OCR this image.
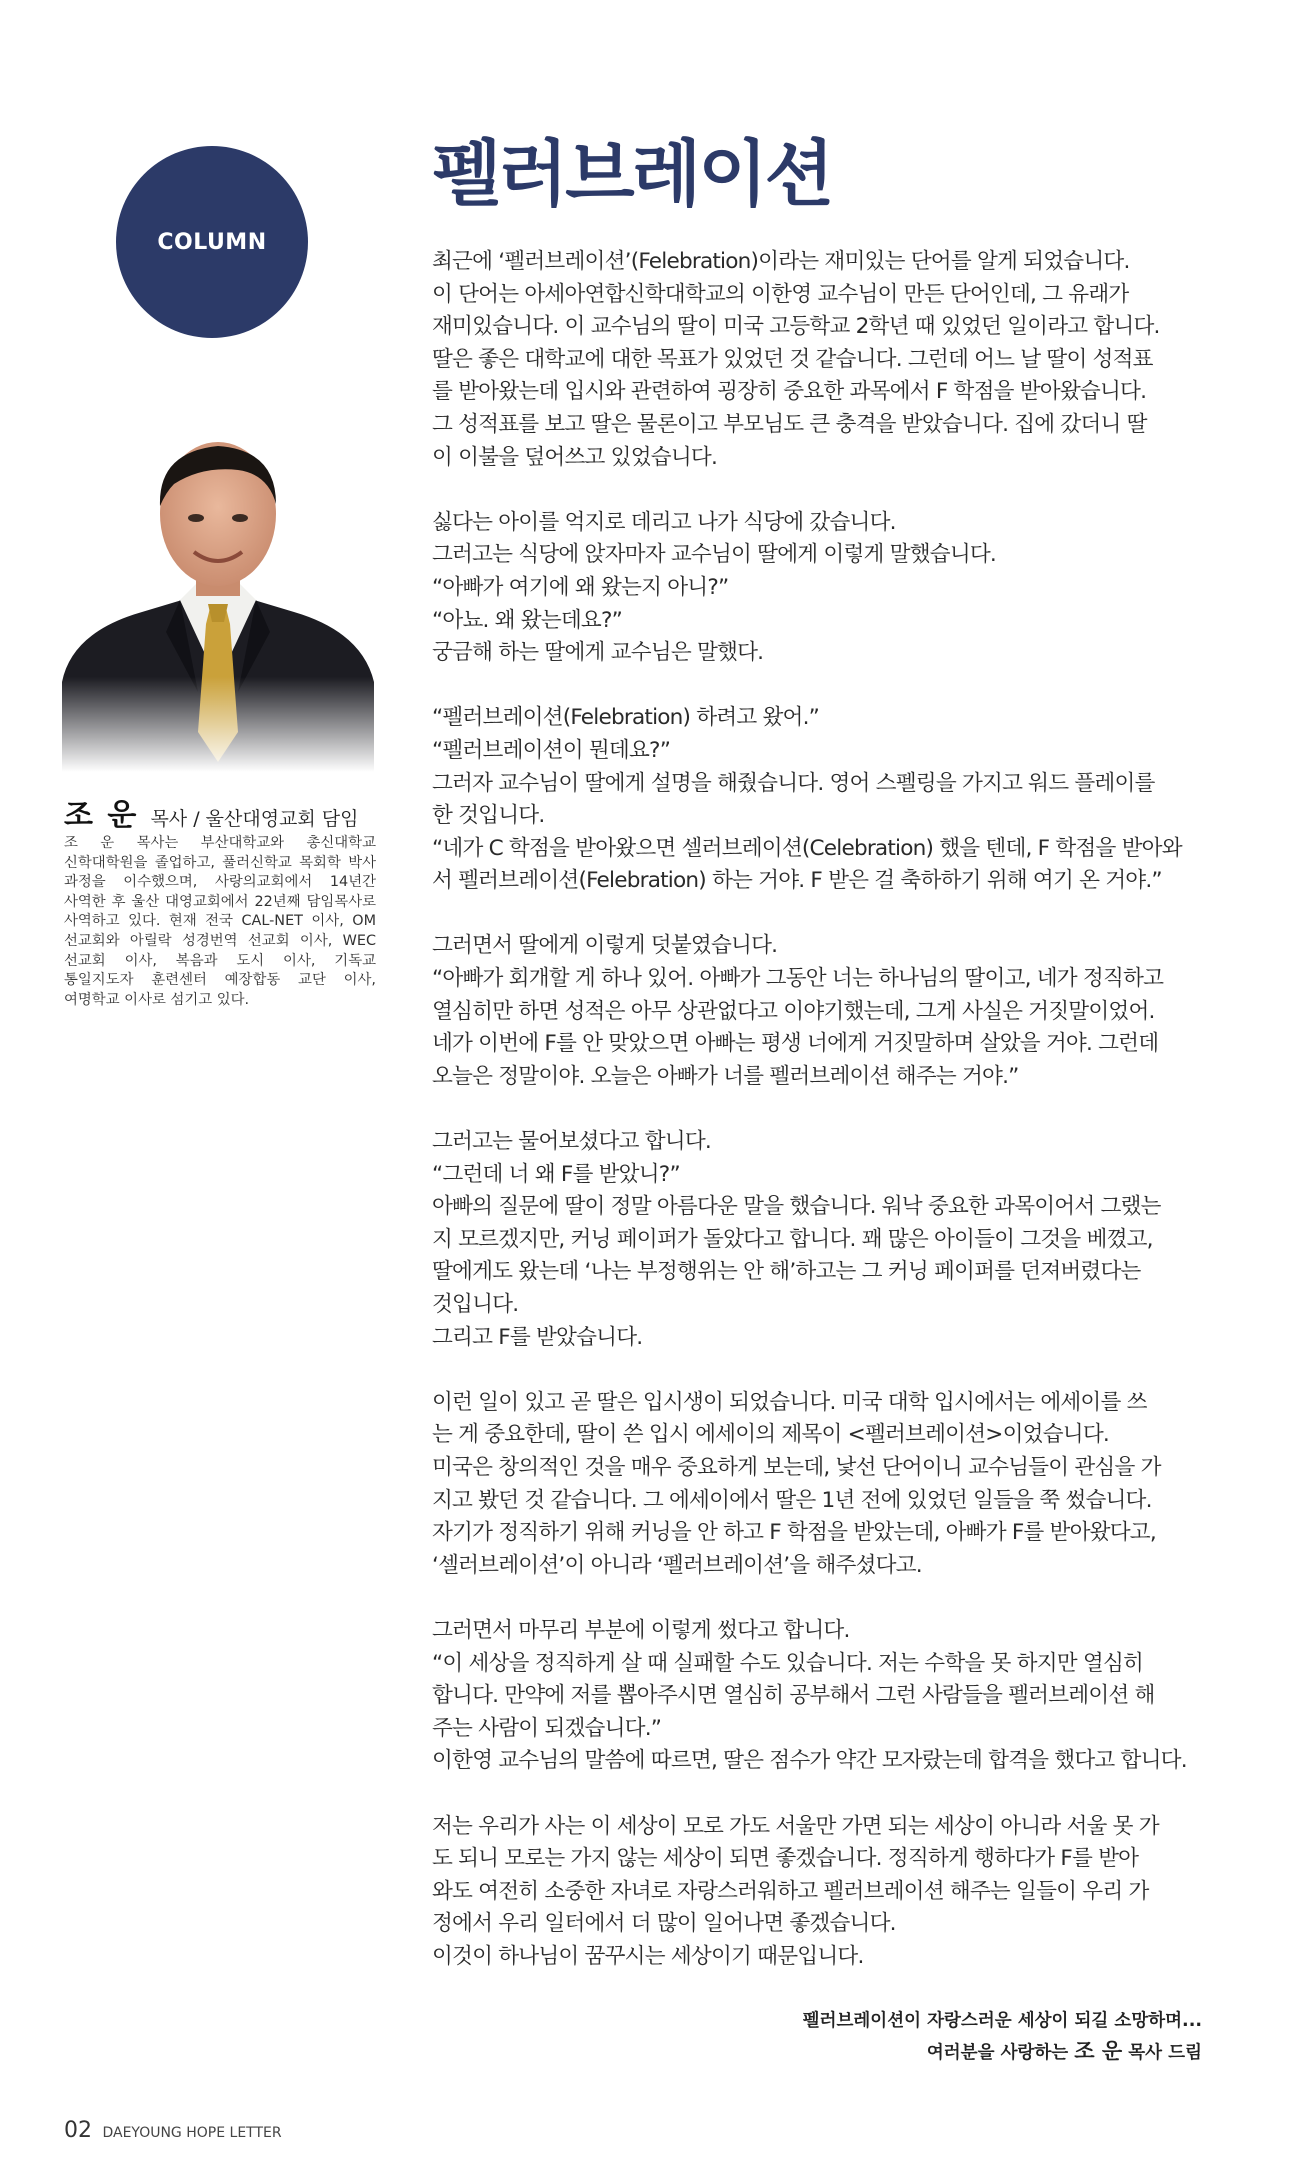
COLUMN
조 운 목사 / 울산대영교회 담임
조 운 목사는 부산대학교와 총신대학교 신학대학원을 졸업하고, 풀러신학교 목회학 박사 과정을 이수했으며, 사랑의교회에서 14년간 사역한 후 울산 대영교회에서 22년째 담임목사로 사역하고 있다. 현재 전국 CAL-NET 이사, OM 선교회와 아릴락 성경번역 선교회 이사, WEC 선교회 이사, 복음과 도시 이사, 기독교 통일지도자 훈련센터 예장합동 교단 이사, 여명학교 이사로 섬기고 있다.
펠러브레이션
최근에 ‘펠러브레이션’(Felebration)이라는 재미있는 단어를 알게 되었습니다.
이 단어는 아세아연합신학대학교의 이한영 교수님이 만든 단어인데, 그 유래가
재미있습니다. 이 교수님의 딸이 미국 고등학교 2학년 때 있었던 일이라고 합니다.
딸은 좋은 대학교에 대한 목표가 있었던 것 같습니다. 그런데 어느 날 딸이 성적표
를 받아왔는데 입시와 관련하여 굉장히 중요한 과목에서 F 학점을 받아왔습니다.
그 성적표를 보고 딸은 물론이고 부모님도 큰 충격을 받았습니다. 집에 갔더니 딸
이 이불을 덮어쓰고 있었습니다.
싫다는 아이를 억지로 데리고 나가 식당에 갔습니다.
그러고는 식당에 앉자마자 교수님이 딸에게 이렇게 말했습니다.
“아빠가 여기에 왜 왔는지 아니?”
“아뇨. 왜 왔는데요?”
궁금해 하는 딸에게 교수님은 말했다.
“펠러브레이션(Felebration) 하려고 왔어.”
“펠러브레이션이 뭔데요?”
그러자 교수님이 딸에게 설명을 해줬습니다. 영어 스펠링을 가지고 워드 플레이를
한 것입니다.
“네가 C 학점을 받아왔으면 셀러브레이션(Celebration) 했을 텐데, F 학점을 받아와
서 펠러브레이션(Felebration) 하는 거야. F 받은 걸 축하하기 위해 여기 온 거야.”
그러면서 딸에게 이렇게 덧붙였습니다.
“아빠가 회개할 게 하나 있어. 아빠가 그동안 너는 하나님의 딸이고, 네가 정직하고
열심히만 하면 성적은 아무 상관없다고 이야기했는데, 그게 사실은 거짓말이었어.
네가 이번에 F를 안 맞았으면 아빠는 평생 너에게 거짓말하며 살았을 거야. 그런데
오늘은 정말이야. 오늘은 아빠가 너를 펠러브레이션 해주는 거야.”
그러고는 물어보셨다고 합니다.
“그런데 너 왜 F를 받았니?”
아빠의 질문에 딸이 정말 아름다운 말을 했습니다. 워낙 중요한 과목이어서 그랬는
지 모르겠지만, 커닝 페이퍼가 돌았다고 합니다. 꽤 많은 아이들이 그것을 베꼈고,
딸에게도 왔는데 ‘나는 부정행위는 안 해’하고는 그 커닝 페이퍼를 던져버렸다는
것입니다.
그리고 F를 받았습니다.
이런 일이 있고 곧 딸은 입시생이 되었습니다. 미국 대학 입시에서는 에세이를 쓰
는 게 중요한데, 딸이 쓴 입시 에세이의 제목이 <펠러브레이션>이었습니다.
미국은 창의적인 것을 매우 중요하게 보는데, 낯선 단어이니 교수님들이 관심을 가
지고 봤던 것 같습니다. 그 에세이에서 딸은 1년 전에 있었던 일들을 쭉 썼습니다.
자기가 정직하기 위해 커닝을 안 하고 F 학점을 받았는데, 아빠가 F를 받아왔다고,
‘셀러브레이션’이 아니라 ‘펠러브레이션’을 해주셨다고.
그러면서 마무리 부분에 이렇게 썼다고 합니다.
“이 세상을 정직하게 살 때 실패할 수도 있습니다. 저는 수학을 못 하지만 열심히
합니다. 만약에 저를 뽑아주시면 열심히 공부해서 그런 사람들을 펠러브레이션 해
주는 사람이 되겠습니다.”
이한영 교수님의 말씀에 따르면, 딸은 점수가 약간 모자랐는데 합격을 했다고 합니다.
저는 우리가 사는 이 세상이 모로 가도 서울만 가면 되는 세상이 아니라 서울 못 가
도 되니 모로는 가지 않는 세상이 되면 좋겠습니다. 정직하게 행하다가 F를 받아
와도 여전히 소중한 자녀로 자랑스러워하고 펠러브레이션 해주는 일들이 우리 가
정에서 우리 일터에서 더 많이 일어나면 좋겠습니다.
이것이 하나님이 꿈꾸시는 세상이기 때문입니다.
펠러브레이션이 자랑스러운 세상이 되길 소망하며...
여러분을 사랑하는 조 운 목사 드림
02 DAEYOUNG HOPE LETTER
